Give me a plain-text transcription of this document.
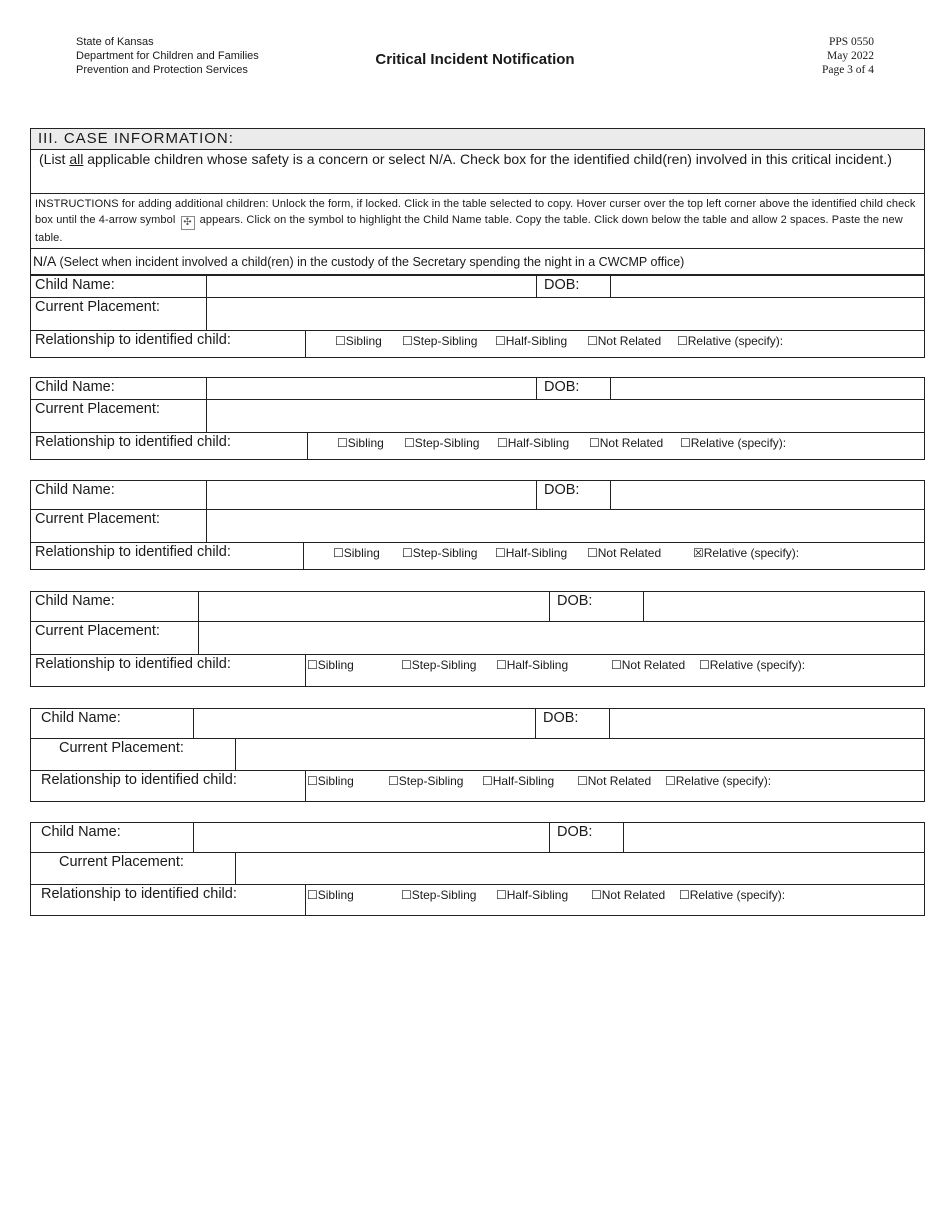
State of Kansas
Department for Children and Families
Prevention and Protection Services
Critical Incident Notification
PPS 0550
May 2022
Page 3 of 4
III. CASE INFORMATION:
(List all applicable children whose safety is a concern or select N/A. Check box for the identified child(ren) involved in this critical incident.)
INSTRUCTIONS for adding additional children: Unlock the form, if locked. Click in the table selected to copy. Hover curser over the top left corner above the identified child check box until the 4-arrow symbol ✣ appears. Click on the symbol to highlight the Child Name table. Copy the table. Click down below the table and allow 2 spaces. Paste the new table.
N/A (Select when incident involved a child(ren) in the custody of the Secretary spending the night in a CWCMP office)
Child Name:	DOB:
Current Placement:
Relationship to identified child:	☐Sibling ☐Step-Sibling ☐Half-Sibling ☐Not Related ☐Relative (specify):
Child Name:	DOB:
Current Placement:
Relationship to identified child:	☐Sibling ☐Step-Sibling ☐Half-Sibling ☐Not Related ☐Relative (specify):
Child Name:	DOB:
Current Placement:
Relationship to identified child:	☐Sibling ☐Step-Sibling ☐Half-Sibling ☐Not Related	☒Relative (specify):
Child Name:	DOB:
Current Placement:
Relationship to identified child:	☐Sibling	☐Step-Sibling ☐Half-Sibling	☐Not Related ☐Relative (specify):
Child Name:	DOB:
Current Placement:
Relationship to identified child:	☐Sibling	☐Step-Sibling ☐Half-Sibling ☐Not Related ☐Relative (specify):
Child Name:	DOB:
Current Placement:
Relationship to identified child:	☐Sibling	☐Step-Sibling ☐Half-Sibling ☐Not Related ☐Relative (specify):
